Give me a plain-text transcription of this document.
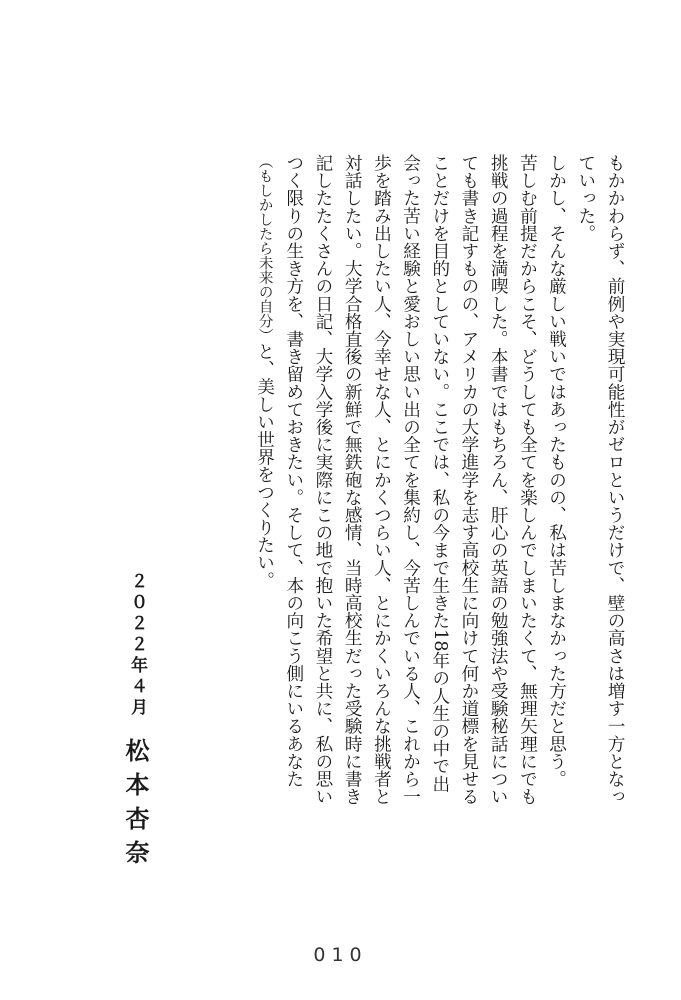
もかかわらず、前例や実現可能性がゼロというだけで、壁の高さは増す一方となっ
ていった。
しかし、そんな厳しい戦いではあったものの、私は苦しまなかった方だと思う。
苦しむ前提だからこそ、どうしても全てを楽しんでしまいたくて、無理矢理にでも
挑戦の過程を満喫した。本書ではもちろん、肝心の英語の勉強法や受験秘話につい
ても書き記すものの、アメリカの大学進学を志す高校生に向けて何か道標を見せる
ことだけを目的としていない。ここでは、私の今まで生きた18年の人生の中で出
会った苦い経験と愛おしい思い出の全てを集約し、今苦しんでいる人、これから一
歩を踏み出したい人、今幸せな人、とにかくつらい人、とにかくいろんな挑戦者と
対話したい。大学合格直後の新鮮で無鉄砲な感情、当時高校生だった受験時に書き
記したたくさんの日記、大学入学後に実際にこの地で抱いた希望と共に、私の思い
つく限りの生き方を、書き留めておきたい。そして、本の向こう側にいるあなた
（もしかしたら未来の自分）と、美しい世界をつくりたい。
２０２２年４月
松本杏奈
010
